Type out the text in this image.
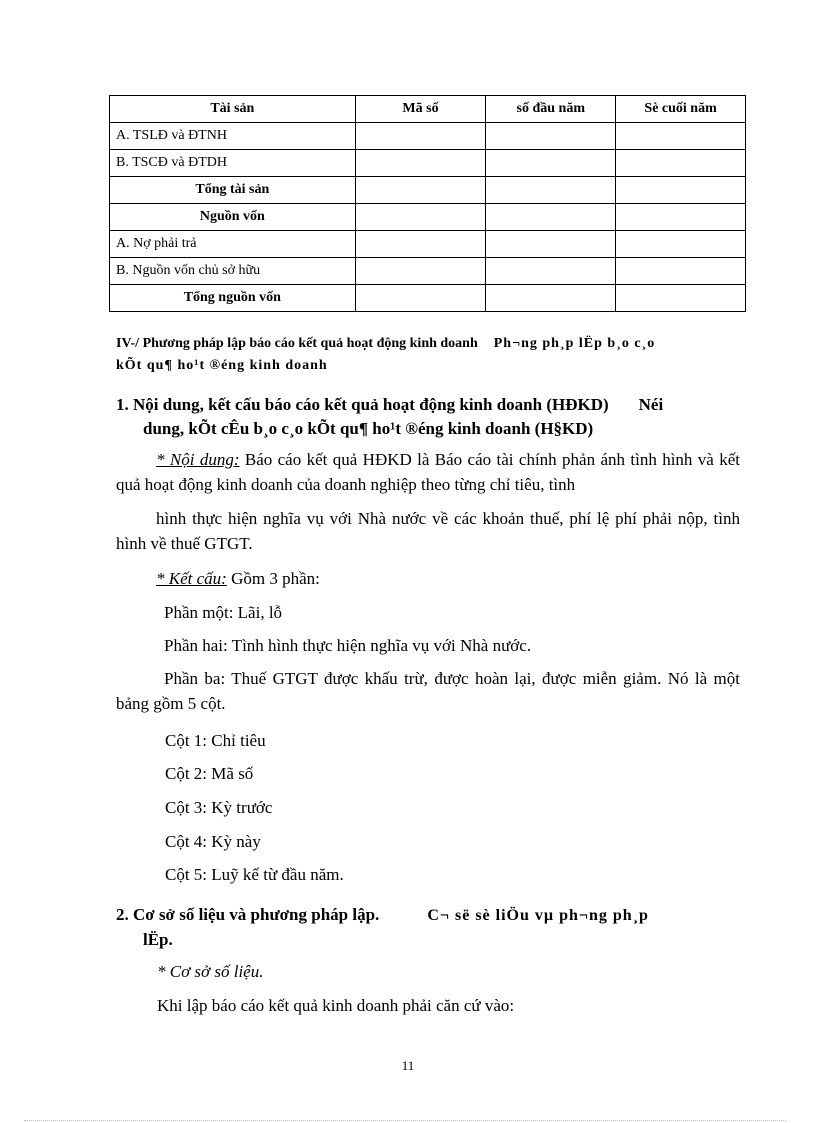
Tài sản	Mã số	số đầu năm	Sè cuối năm
A. TSLĐ và ĐTNH			
B. TSCĐ và ĐTDH			
Tổng tài sản			
Nguồn vốn			
A. Nợ phải trả			
B. Nguồn vốn chủ sở hữu			
Tổng nguồn vốn			
IV-/ Phương pháp lập báo cáo kết quả hoạt động kinh doanh Ph¬ng ph¸p lËp b¸o c¸o
kÕt qu¶ ho¹t ®éng kinh doanh
1. Nội dung, kết cấu báo cáo kết quả hoạt động kinh doanh (HĐKD) Néi
dung, kÕt cÊu b¸o c¸o kÕt qu¶ ho¹t ®éng kinh doanh (H§KD)
* Nội dung: Báo cáo kết quả HĐKD là Báo cáo tài chính phản ánh tình hình và kết quả hoạt động kinh doanh của doanh nghiệp theo từng chỉ tiêu, tình
hình thực hiện nghĩa vụ với Nhà nước về các khoản thuế, phí lệ phí phải nộp, tình hình về thuế GTGT.
* Kết cấu: Gồm 3 phần:
Phần một: Lãi, lỗ
Phần hai: Tình hình thực hiện nghĩa vụ với Nhà nước.
Phần ba: Thuế GTGT được khấu trừ, được hoàn lại, được miễn giảm. Nó là một bảng gồm 5 cột.
Cột 1: Chỉ tiêu
Cột 2: Mã số
Cột 3: Kỳ trước
Cột 4: Kỳ này
Cột 5: Luỹ kế từ đầu năm.
2. Cơ sở số liệu và phương pháp lập.	C¬ së sè liÖu vµ ph¬ng ph¸p
lËp.
* Cơ sở số liệu.
Khi lập báo cáo kết quả kinh doanh phải căn cứ vào:
11
